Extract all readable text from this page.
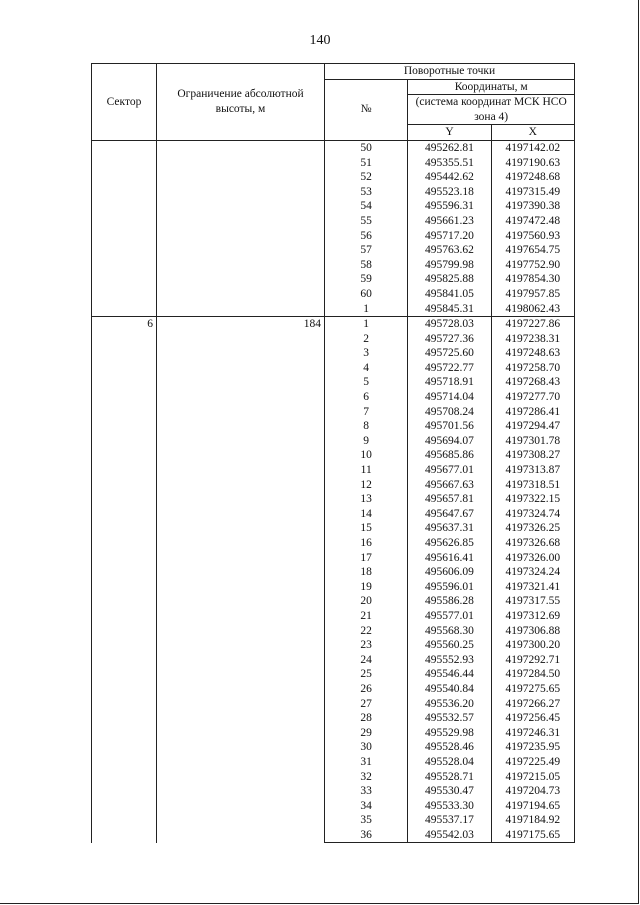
140
Сектор	Ограничение абсолютной высоты, м	Поворотные точки		
		№	Координаты, м	
			(система координат МСК НСО зона 4)	
			Y	X
		50	495262.81	4197142.02
		51	495355.51	4197190.63
		52	495442.62	4197248.68
		53	495523.18	4197315.49
		54	495596.31	4197390.38
		55	495661.23	4197472.48
		56	495717.20	4197560.93
		57	495763.62	4197654.75
		58	495799.98	4197752.90
		59	495825.88	4197854.30
		60	495841.05	4197957.85
		1	495845.31	4198062.43
6	184	1	495728.03	4197227.86
		2	495727.36	4197238.31
		3	495725.60	4197248.63
		4	495722.77	4197258.70
		5	495718.91	4197268.43
		6	495714.04	4197277.70
		7	495708.24	4197286.41
		8	495701.56	4197294.47
		9	495694.07	4197301.78
		10	495685.86	4197308.27
		11	495677.01	4197313.87
		12	495667.63	4197318.51
		13	495657.81	4197322.15
		14	495647.67	4197324.74
		15	495637.31	4197326.25
		16	495626.85	4197326.68
		17	495616.41	4197326.00
		18	495606.09	4197324.24
		19	495596.01	4197321.41
		20	495586.28	4197317.55
		21	495577.01	4197312.69
		22	495568.30	4197306.88
		23	495560.25	4197300.20
		24	495552.93	4197292.71
		25	495546.44	4197284.50
		26	495540.84	4197275.65
		27	495536.20	4197266.27
		28	495532.57	4197256.45
		29	495529.98	4197246.31
		30	495528.46	4197235.95
		31	495528.04	4197225.49
		32	495528.71	4197215.05
		33	495530.47	4197204.73
		34	495533.30	4197194.65
		35	495537.17	4197184.92
		36	495542.03	4197175.65
